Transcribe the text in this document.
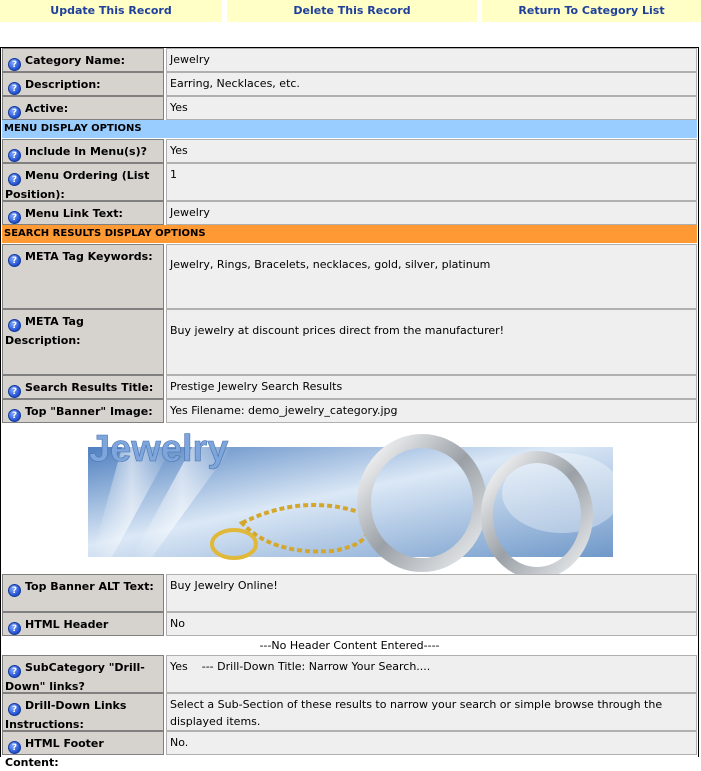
Update This Record	Delete This Record	Return To Category List
? Category Name:	Jewelry
? Description:	Earring, Necklaces, etc.
? Active:	Yes
MENU DISPLAY OPTIONS
? Include In Menu(s)?	Yes
? Menu Ordering (List Position):
1
? Menu Link Text:	Jewelry
SEARCH RESULTS DISPLAY OPTIONS
? META Tag Keywords:
Jewelry, Rings, Bracelets, necklaces, gold, silver, platinum
? META Tag Description:
Buy jewelry at discount prices direct from the manufacturer!
? Search Results Title:	Prestige Jewelry Search Results
? Top "Banner" Image:	Yes Filename: demo_jewelry_category.jpg
Jewelry
? Top Banner ALT Text:	Buy Jewelry Online!
? HTML Header	No
---No Header Content Entered----
? SubCategory "Drill-Down" links?
Yes    --- Drill-Down Title: Narrow Your Search....
? Drill-Down Links Instructions:
Select a Sub-Section of these results to narrow your search or simple browse through the displayed items.
? HTML Footer Content:
No.
